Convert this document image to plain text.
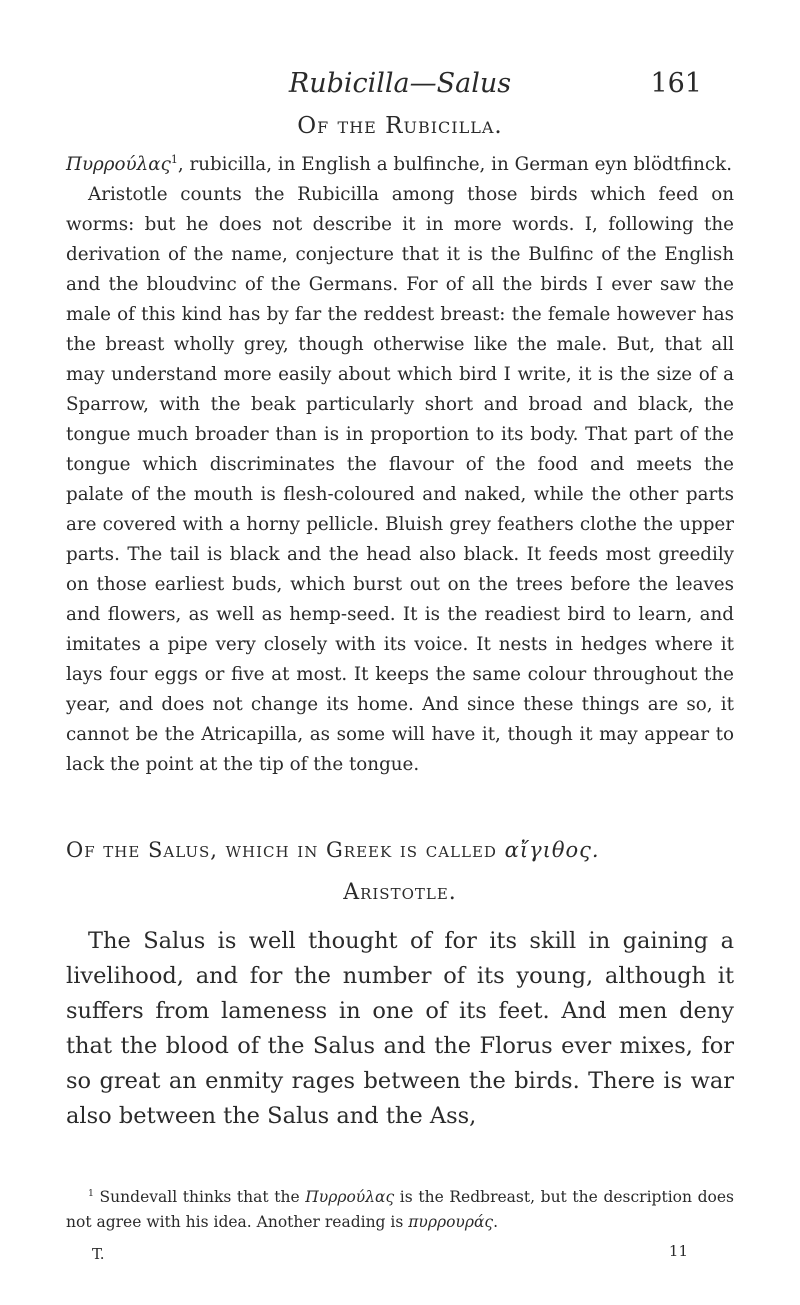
Rubicilla—Salus	161
Of the Rubicilla.

Πυρρούλας$^1$, rubicilla, in English a bulfinche, in German eyn blödtfinck.

Aristotle counts the Rubicilla among those birds which feed on worms: but he does not describe it in more words. I, following the derivation of the name, conjecture that it is the Bulfinc of the English and the bloudvinc of the Germans. For of all the birds I ever saw the male of this kind has by far the reddest breast: the female however has the breast wholly grey, though otherwise like the male. But, that all may understand more easily about which bird I write, it is the size of a Sparrow, with the beak particularly short and broad and black, the tongue much broader than is in proportion to its body. That part of the tongue which discriminates the flavour of the food and meets the palate of the mouth is flesh-coloured and naked, while the other parts are covered with a horny pellicle. Bluish grey feathers clothe the upper parts. The tail is black and the head also black. It feeds most greedily on those earliest buds, which burst out on the trees before the leaves and flowers, as well as hemp-seed. It is the readiest bird to learn, and imitates a pipe very closely with its voice. It nests in hedges where it lays four eggs or five at most. It keeps the same colour throughout the year, and does not change its home. And since these things are so, it cannot be the Atricapilla, as some will have it, though it may appear to lack the point at the tip of the tongue.

Of the Salus, which in Greek is called αἴγιθος.
Aristotle.

The Salus is well thought of for its skill in gaining a livelihood, and for the number of its young, although it suffers from lameness in one of its feet. And men deny that the blood of the Salus and the Florus ever mixes, for so great an enmity rages between the birds. There is war also between the Salus and the Ass,

$^1$ Sundevall thinks that the Πυρρούλας is the Redbreast, but the description does not agree with his idea. Another reading is πυρρουράς.

T.	11
